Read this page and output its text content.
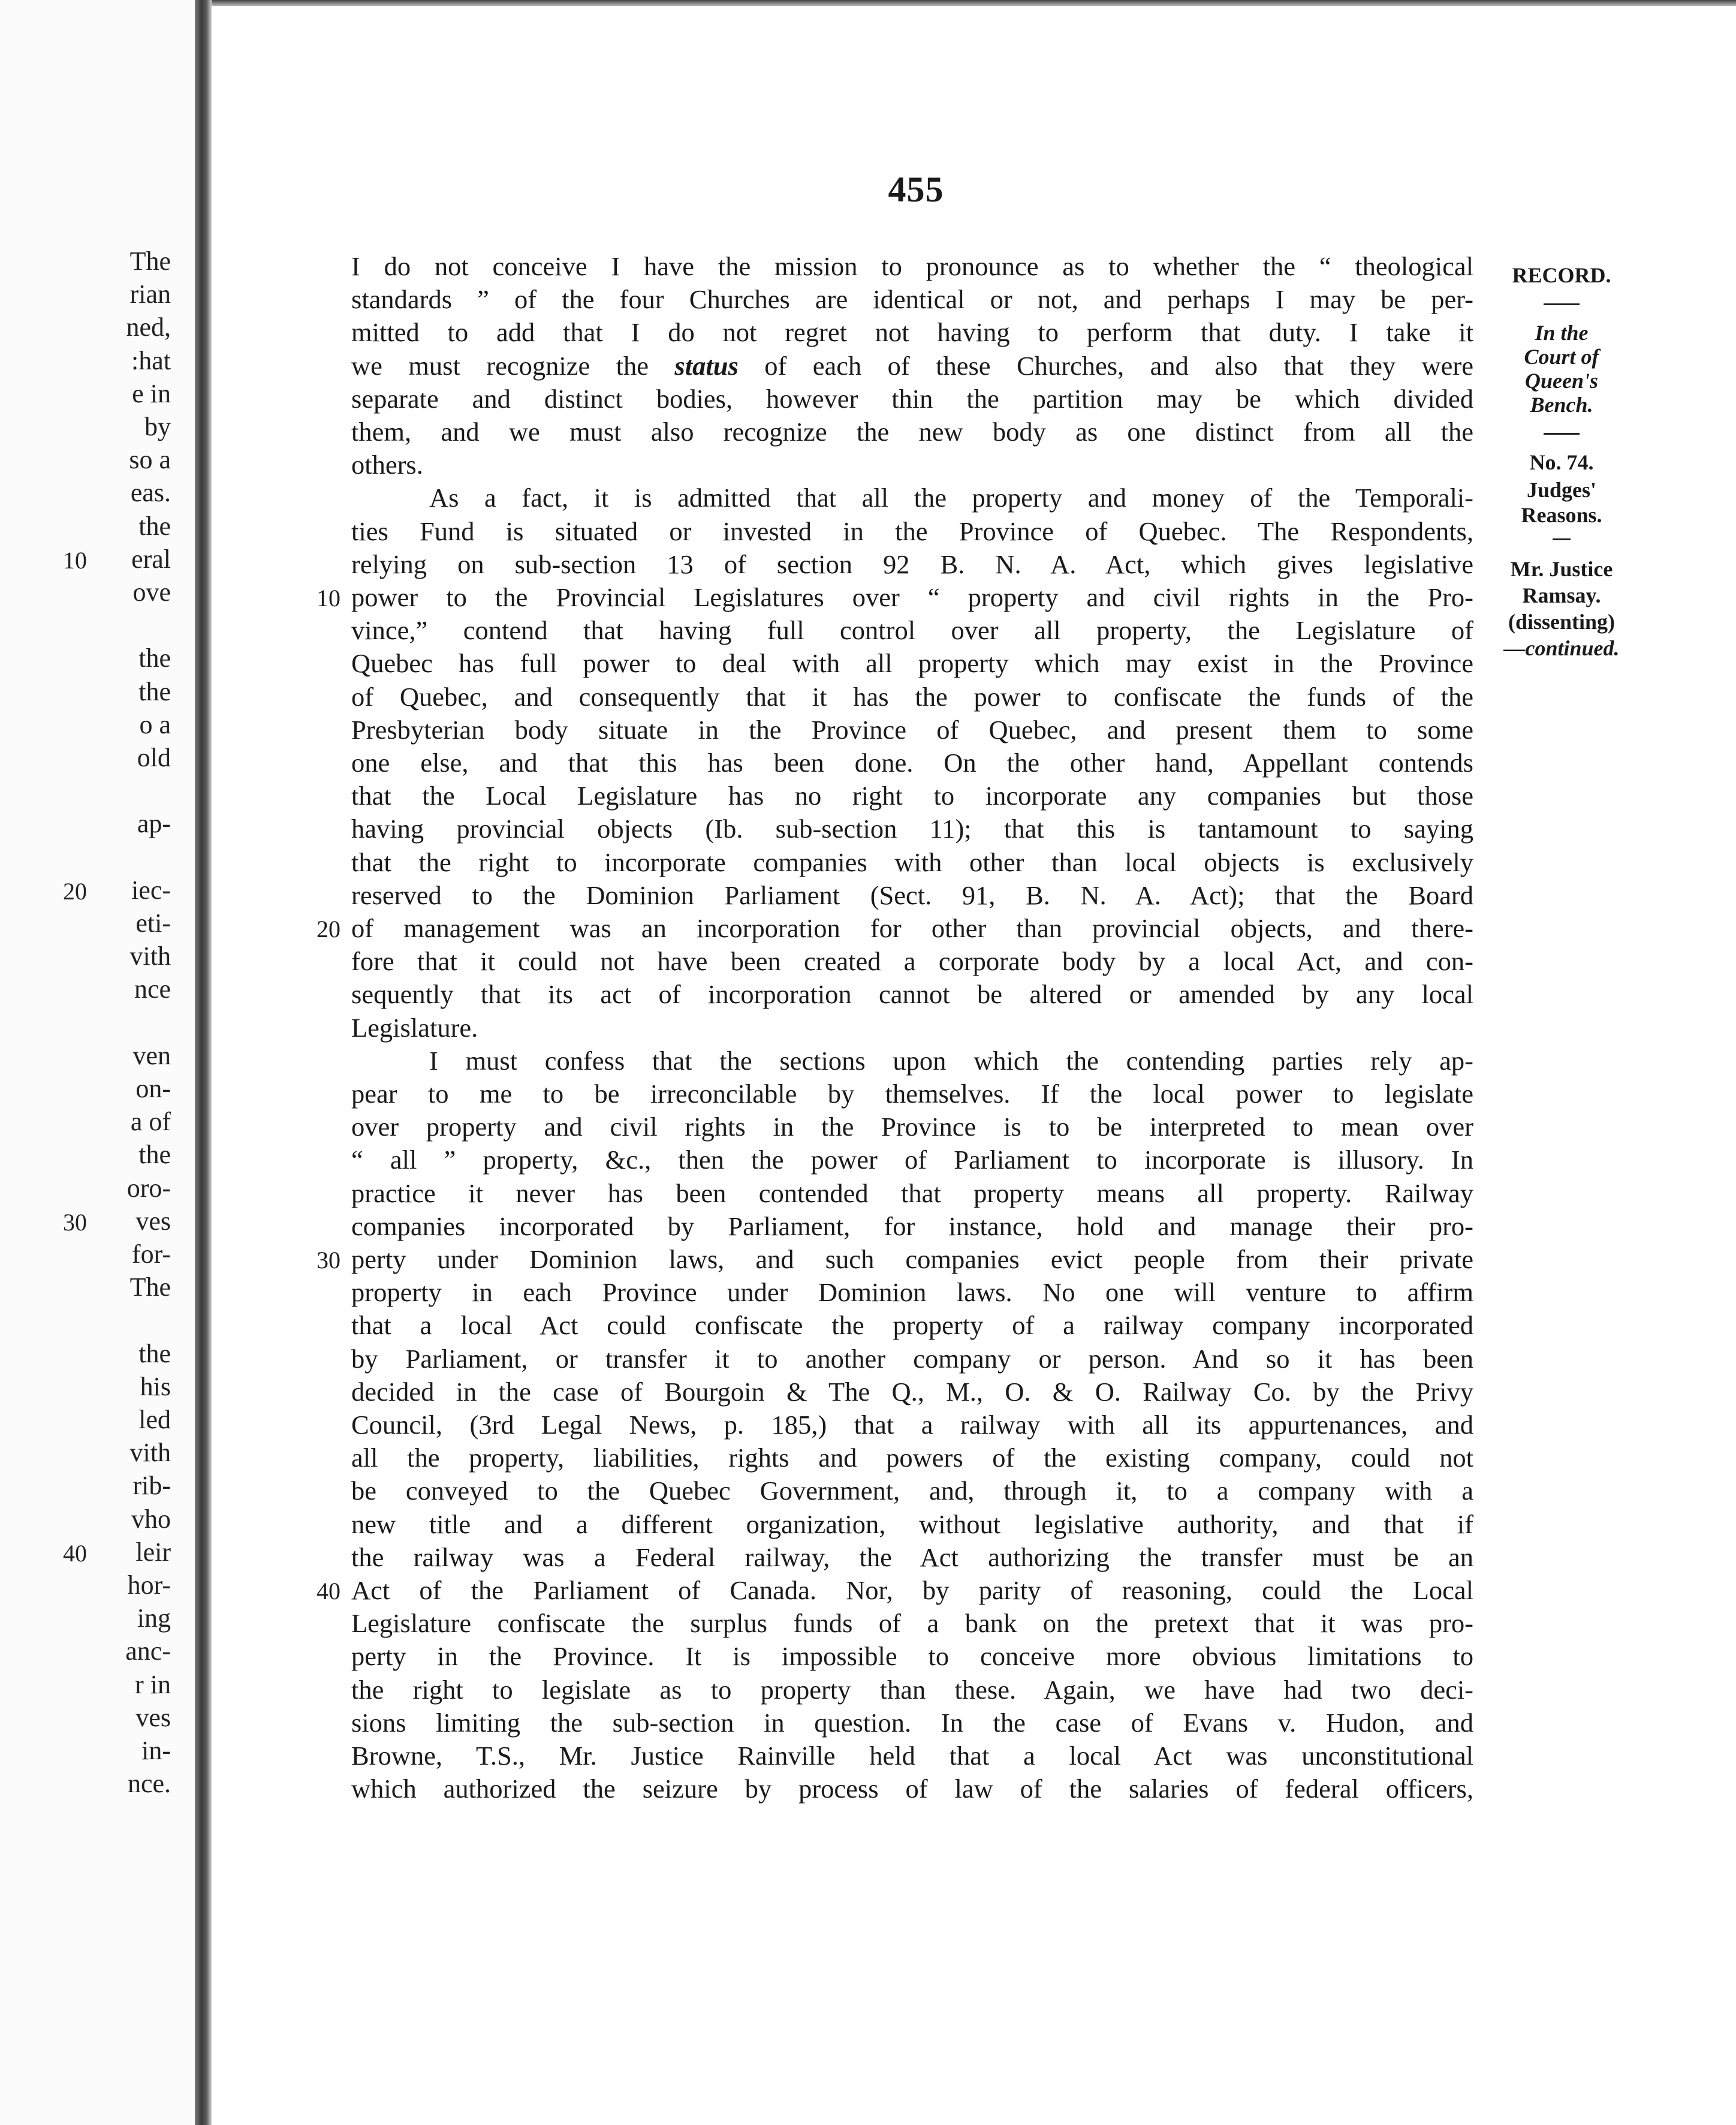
The
rian
ned,
:hat
e in
by
so a
eas.
the
eral
ove
the
the
o a
old
ap-
iec-
eti-
vith
nce
ven
on-
a of
the
oro-
ves
for-
The
the
his
led
vith
rib-
vho
leir
hor-
ing
anc-
r in
ves
in-
nce.
10
20
30
40
455
I do not conceive I have the mission to pronounce as to whether the “ theological
standards ” of the four Churches are identical or not, and perhaps I may be per-
mitted to add that I do not regret not having to perform that duty. I take it
we must recognize the status of each of these Churches, and also that they were
separate and distinct bodies, however thin the partition may be which divided
them, and we must also recognize the new body as one distinct from all the
others.
As a fact, it is admitted that all the property and money of the Temporali-
ties Fund is situated or invested in the Province of Quebec. The Respondents,
relying on sub-section 13 of section 92 B. N. A. Act, which gives legislative
power to the Provincial Legislatures over “ property and civil rights in the Pro-
vince,” contend that having full control over all property, the Legislature of
Quebec has full power to deal with all property which may exist in the Province
of Quebec, and consequently that it has the power to confiscate the funds of the
Presbyterian body situate in the Province of Quebec, and present them to some
one else, and that this has been done. On the other hand, Appellant contends
that the Local Legislature has no right to incorporate any companies but those
having provincial objects (Ib. sub-section 11); that this is tantamount to saying
that the right to incorporate companies with other than local objects is exclusively
reserved to the Dominion Parliament (Sect. 91, B. N. A. Act); that the Board
of management was an incorporation for other than provincial objects, and there-
fore that it could not have been created a corporate body by a local Act, and con-
sequently that its act of incorporation cannot be altered or amended by any local
Legislature.
I must confess that the sections upon which the contending parties rely ap-
pear to me to be irreconcilable by themselves. If the local power to legislate
over property and civil rights in the Province is to be interpreted to mean over
“ all ” property, &c., then the power of Parliament to incorporate is illusory. In
practice it never has been contended that property means all property. Railway
companies incorporated by Parliament, for instance, hold and manage their pro-
perty under Dominion laws, and such companies evict people from their private
property in each Province under Dominion laws. No one will venture to affirm
that a local Act could confiscate the property of a railway company incorporated
by Parliament, or transfer it to another company or person. And so it has been
decided in the case of Bourgoin & The Q., M., O. & O. Railway Co. by the Privy
Council, (3rd Legal News, p. 185,) that a railway with all its appurtenances, and
all the property, liabilities, rights and powers of the existing company, could not
be conveyed to the Quebec Government, and, through it, to a company with a
new title and a different organization, without legislative authority, and that if
the railway was a Federal railway, the Act authorizing the transfer must be an
Act of the Parliament of Canada. Nor, by parity of reasoning, could the Local
Legislature confiscate the surplus funds of a bank on the pretext that it was pro-
perty in the Province. It is impossible to conceive more obvious limitations to
the right to legislate as to property than these. Again, we have had two deci-
sions limiting the sub-section in question. In the case of Evans v. Hudon, and
Browne, T.S., Mr. Justice Rainville held that a local Act was unconstitutional
which authorized the seizure by process of law of the salaries of federal officers,
10
20
30
40
RECORD.
In the
Court of
Queen's
Bench.
No. 74.
Judges'
Reasons.
Mr. Justice
Ramsay.
(dissenting)
—continued.
